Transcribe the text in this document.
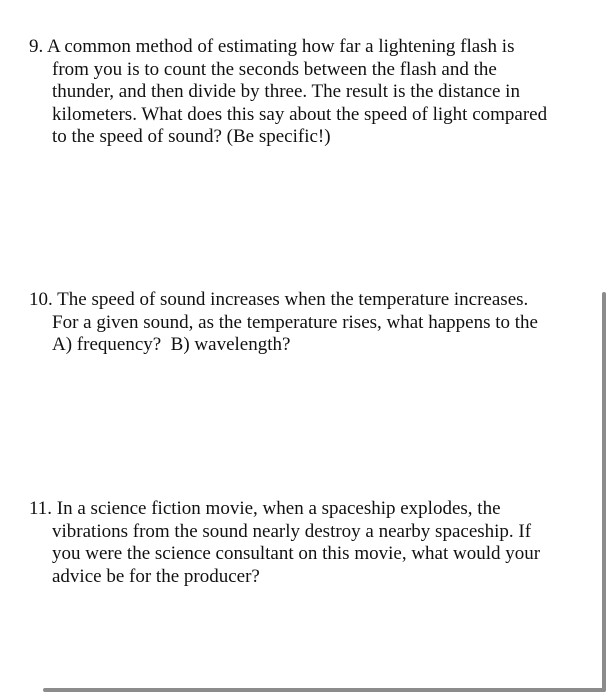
9. A common method of estimating how far a lightening flash is
from you is to count the seconds between the flash and the
thunder, and then divide by three. The result is the distance in
kilometers. What does this say about the speed of light compared
to the speed of sound? (Be specific!)
10. The speed of sound increases when the temperature increases.
For a given sound, as the temperature rises, what happens to the
A) frequency?  B) wavelength?
11. In a science fiction movie, when a spaceship explodes, the
vibrations from the sound nearly destroy a nearby spaceship. If
you were the science consultant on this movie, what would your
advice be for the producer?
